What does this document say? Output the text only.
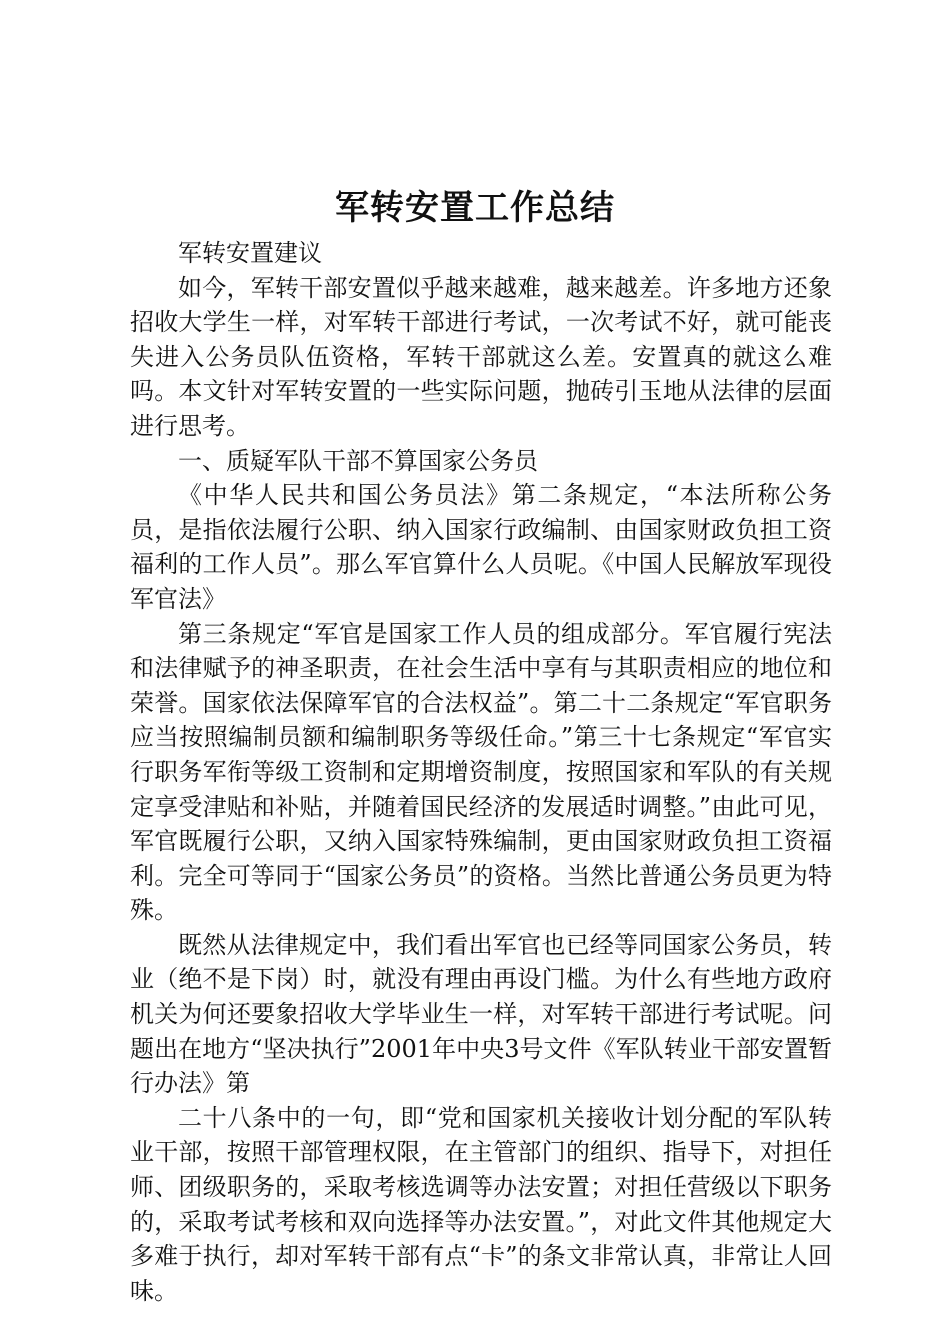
军转安置工作总结

军转安置建议

如今，军转干部安置似乎越来越难，越来越差。许多地方还象招收大学生一样，对军转干部进行考试，一次考试不好，就可能丧失进入公务员队伍资格，军转干部就这么差。安置真的就这么难吗。本文针对军转安置的一些实际问题，抛砖引玉地从法律的层面进行思考。

一、质疑军队干部不算国家公务员

《中华人民共和国公务员法》第二条规定，“本法所称公务员，是指依法履行公职、纳入国家行政编制、由国家财政负担工资福利的工作人员”。那么军官算什么人员呢。《中国人民解放军现役军官法》

第三条规定“军官是国家工作人员的组成部分。军官履行宪法和法律赋予的神圣职责，在社会生活中享有与其职责相应的地位和荣誉。国家依法保障军官的合法权益”。第二十二条规定“军官职务应当按照编制员额和编制职务等级任命。”第三十七条规定“军官实行职务军衔等级工资制和定期增资制度，按照国家和军队的有关规定享受津贴和补贴，并随着国民经济的发展适时调整。”由此可见，军官既履行公职，又纳入国家特殊编制，更由国家财政负担工资福利。完全可等同于“国家公务员”的资格。当然比普通公务员更为特殊。

既然从法律规定中，我们看出军官也已经等同国家公务员，转业（绝不是下岗）时，就没有理由再设门槛。为什么有些地方政府机关为何还要象招收大学毕业生一样，对军转干部进行考试呢。问题出在地方“坚决执行”2001年中央3号文件《军队转业干部安置暂行办法》第

二十八条中的一句，即“党和国家机关接收计划分配的军队转业干部，按照干部管理权限，在主管部门的组织、指导下，对担任师、团级职务的，采取考核选调等办法安置；对担任营级以下职务的，采取考试考核和双向选择等办法安置。”，对此文件其他规定大多难于执行，却对军转干部有点“卡”的条文非常认真，非常让人回味。
